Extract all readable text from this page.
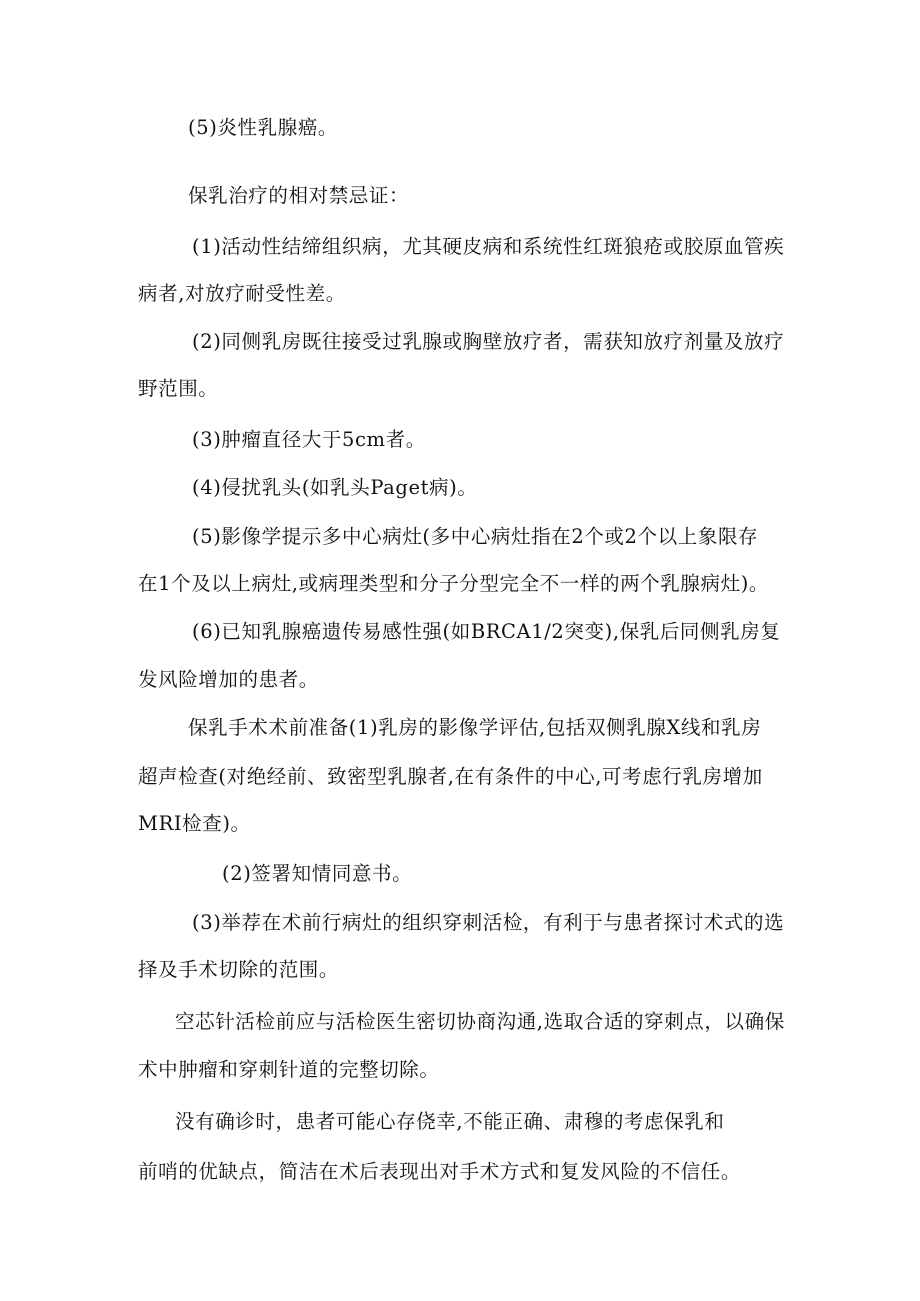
(5)炎性乳腺癌。
保乳治疗的相对禁忌证：
(1)活动性结缔组织病，尤其硬皮病和系统性红斑狼疮或胶原血管疾
病者,对放疗耐受性差。
(2)同侧乳房既往接受过乳腺或胸壁放疗者，需获知放疗剂量及放疗
野范围。
(3)肿瘤直径大于5cm者。
(4)侵扰乳头(如乳头Paget病)。
(5)影像学提示多中心病灶(多中心病灶指在2个或2个以上象限存
在1个及以上病灶,或病理类型和分子分型完全不一样的两个乳腺病灶)。
(6)已知乳腺癌遗传易感性强(如BRCA1/2突变),保乳后同侧乳房复
发风险增加的患者。
保乳手术术前准备(1)乳房的影像学评估,包括双侧乳腺X线和乳房
超声检查(对绝经前、致密型乳腺者,在有条件的中心,可考虑行乳房增加
MRI检查)。
(2)签署知情同意书。
(3)举荐在术前行病灶的组织穿刺活检，有利于与患者探讨术式的选
择及手术切除的范围。
空芯针活检前应与活检医生密切协商沟通,选取合适的穿刺点，以确保
术中肿瘤和穿刺针道的完整切除。
没有确诊时，患者可能心存侥幸,不能正确、肃穆的考虑保乳和
前哨的优缺点，简洁在术后表现出对手术方式和复发风险的不信任。
